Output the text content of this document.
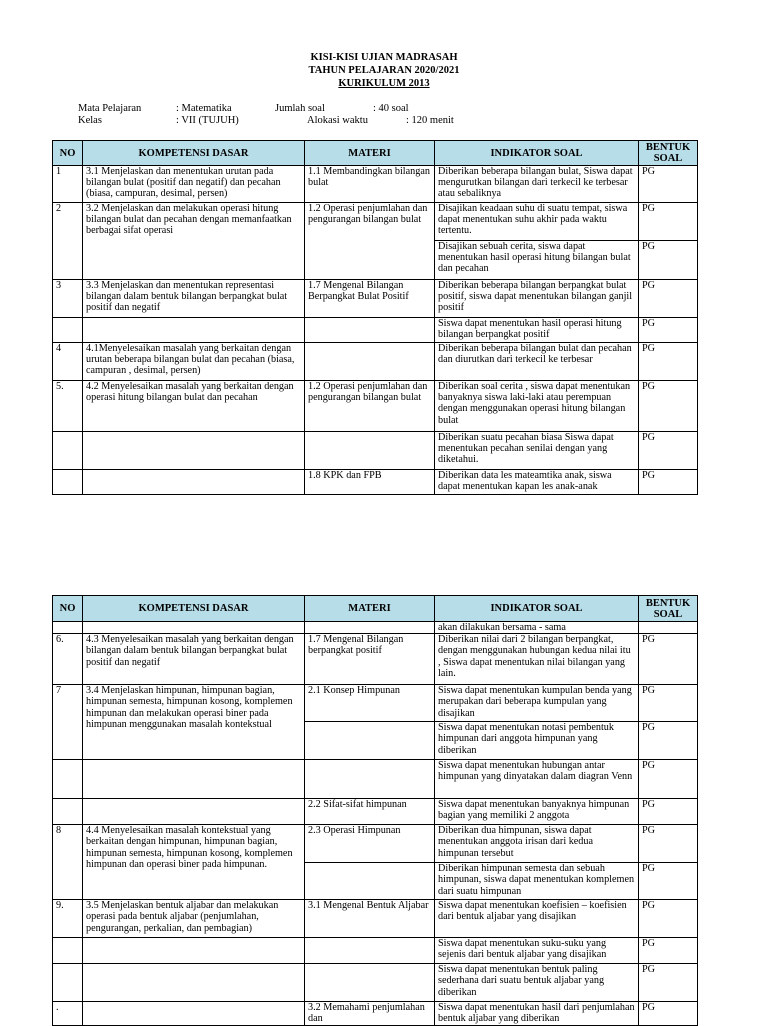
KISI-KISI UJIAN MADRASAH
TAHUN PELAJARAN 2020/2021
KURIKULUM 2013
Mata Pelajaran	: Matematika	Jumlah soal	: 40 soal
Kelas	: VII (TUJUH)	Alokasi waktu	: 120 menit
NO	KOMPETENSI DASAR	MATERI	INDIKATOR SOAL	BENTUK SOAL
1	3.1 Menjelaskan dan menentukan urutan pada bilangan bulat (positif dan negatif) dan pecahan (biasa, campuran, desimal, persen)	1.1 Membandingkan bilangan bulat	Diberikan beberapa bilangan bulat, Siswa dapat mengurutkan bilangan dari terkecil ke terbesar atau sebaliknya	PG
2	3.2 Menjelaskan dan melakukan operasi hitung bilangan bulat dan pecahan dengan memanfaatkan berbagai sifat operasi	1.2 Operasi penjumlahan dan pengurangan bilangan bulat	Disajikan keadaan suhu di suatu tempat, siswa dapat menentukan suhu akhir pada waktu tertentu.	PG
			Disajikan sebuah cerita, siswa dapat menentukan hasil operasi hitung bilangan bulat dan pecahan	PG
3	3.3 Menjelaskan dan menentukan representasi bilangan dalam bentuk bilangan berpangkat bulat positif dan negatif	1.7 Mengenal Bilangan Berpangkat Bulat Positif	Diberikan beberapa bilangan berpangkat bulat positif, siswa dapat menentukan bilangan ganjil positif	PG
			Siswa dapat menentukan hasil operasi hitung bilangan berpangkat positif	PG
4	4.1Menyelesaikan masalah yang berkaitan dengan urutan beberapa bilangan bulat dan pecahan (biasa, campuran , desimal, persen)		Diberikan beberapa bilangan bulat dan pecahan dan diurutkan dari terkecil ke terbesar	PG
5.	4.2 Menyelesaikan masalah yang berkaitan dengan operasi hitung bilangan bulat dan pecahan	1.2 Operasi penjumlahan dan pengurangan bilangan bulat	Diberikan soal cerita , siswa dapat menentukan banyaknya siswa laki-laki atau perempuan dengan menggunakan operasi hitung bilangan bulat	PG
			Diberikan suatu pecahan biasa Siswa dapat menentukan pecahan senilai dengan yang diketahui.	PG
		1.8 KPK dan FPB	Diberikan data les mateamtika anak, siswa dapat menentukan kapan les anak-anak	PG
NO	KOMPETENSI DASAR	MATERI	INDIKATOR SOAL	BENTUK SOAL
			akan dilakukan bersama - sama	
6.	4.3 Menyelesaikan masalah yang berkaitan dengan bilangan dalam bentuk bilangan berpangkat bulat positif dan negatif	1.7 Mengenal Bilangan berpangkat positif	Diberikan nilai dari 2 bilangan berpangkat, dengan menggunakan hubungan kedua nilai itu , Siswa dapat menentukan nilai bilangan yang lain.	PG
7	3.4 Menjelaskan himpunan, himpunan bagian, himpunan semesta, himpunan kosong, komplemen himpunan dan melakukan operasi biner pada himpunan menggunakan masalah kontekstual	2.1 Konsep Himpunan	Siswa dapat menentukan kumpulan benda yang merupakan dari beberapa kumpulan yang disajikan	PG
			Siswa dapat menentukan notasi pembentuk himpunan dari anggota himpunan yang diberikan	PG
			Siswa dapat menentukan hubungan antar himpunan yang dinyatakan dalam diagran Venn	PG
		2.2 Sifat-sifat himpunan	Siswa dapat menentukan banyaknya himpunan bagian yang memiliki 2 anggota	PG
8	4.4 Menyelesaikan masalah kontekstual yang berkaitan dengan himpunan, himpunan bagian, himpunan semesta, himpunan kosong, komplemen himpunan dan operasi biner pada himpunan.	2.3 Operasi Himpunan	Diberikan dua himpunan, siswa dapat menentukan anggota irisan dari kedua himpunan tersebut	PG
			Diberikan himpunan semesta dan sebuah himpunan, siswa dapat menentukan komplemen dari suatu himpunan	PG
9.	3.5 Menjelaskan bentuk aljabar dan melakukan operasi pada bentuk aljabar (penjumlahan, pengurangan, perkalian, dan pembagian)	3.1 Mengenal Bentuk Aljabar	Siswa dapat menentukan koefisien – koefisien dari bentuk aljabar yang disajikan	PG
			Siswa dapat menentukan suku-suku yang sejenis dari bentuk aljabar yang disajikan	PG
			Siswa dapat menentukan bentuk paling sederhana dari suatu bentuk aljabar yang diberikan	PG
.		3.2 Memahami penjumlahan dan	Siswa dapat menentukan hasil dari penjumlahan bentuk aljabar yang diberikan	PG
